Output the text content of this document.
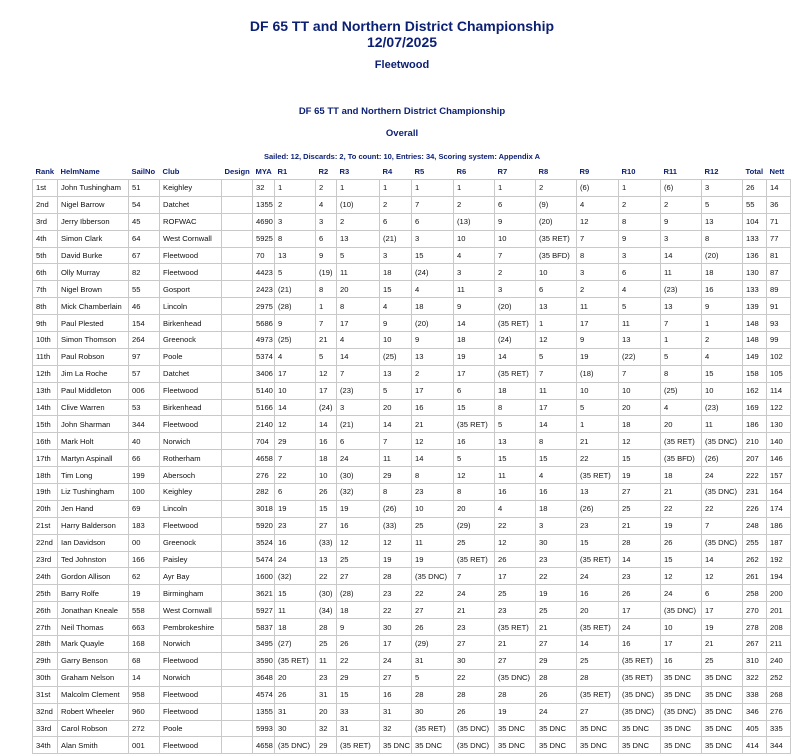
DF 65 TT and Northern District Championship
12/07/2025
Fleetwood
DF 65 TT and Northern District Championship
Overall
Sailed: 12, Discards: 2, To count: 10, Entries: 34, Scoring system: Appendix A
Rank	HelmName	SailNo	Club	Design	MYA	R1	R2	R3	R4	R5	R6	R7	R8	R9	R10	R11	R12	Total	Nett
1st	John Tushingham	51	Keighley		32	1	2	1	1	1	1	1	2	(6)	1	(6)	3	26	14
2nd	Nigel Barrow	54	Datchet		1355	2	4	(10)	2	7	2	6	(9)	4	2	2	5	55	36
3rd	Jerry Ibberson	45	ROFWAC		4690	3	3	2	6	6	(13)	9	(20)	12	8	9	13	104	71
4th	Simon Clark	64	West Cornwall		5925	8	6	13	(21)	3	10	10	(35 RET)	7	9	3	8	133	77
5th	David Burke	67	Fleetwood		70	13	9	5	3	15	4	7	(35 BFD)	8	3	14	(20)	136	81
6th	Olly Murray	82	Fleetwood		4423	5	(19)	11	18	(24)	3	2	10	3	6	11	18	130	87
7th	Nigel Brown	55	Gosport		2423	(21)	8	20	15	4	11	3	6	2	4	(23)	16	133	89
8th	Mick Chamberlain	46	Lincoln		2975	(28)	1	8	4	18	9	(20)	13	11	5	13	9	139	91
9th	Paul Plested	154	Birkenhead		5686	9	7	17	9	(20)	14	(35 RET)	1	17	11	7	1	148	93
10th	Simon Thomson	264	Greenock		4973	(25)	21	4	10	9	18	(24)	12	9	13	1	2	148	99
11th	Paul Robson	97	Poole		5374	4	5	14	(25)	13	19	14	5	19	(22)	5	4	149	102
12th	Jim La Roche	57	Datchet		3406	17	12	7	13	2	17	(35 RET)	7	(18)	7	8	15	158	105
13th	Paul Middleton	006	Fleetwood		5140	10	17	(23)	5	17	6	18	11	10	10	(25)	10	162	114
14th	Clive Warren	53	Birkenhead		5166	14	(24)	3	20	16	15	8	17	5	20	4	(23)	169	122
15th	John Sharman	344	Fleetwood		2140	12	14	(21)	14	21	(35 RET)	5	14	1	18	20	11	186	130
16th	Mark Holt	40	Norwich		704	29	16	6	7	12	16	13	8	21	12	(35 RET)	(35 DNC)	210	140
17th	Martyn Aspinall	66	Rotherham		4658	7	18	24	11	14	5	15	15	22	15	(35 BFD)	(26)	207	146
18th	Tim Long	199	Abersoch		276	22	10	(30)	29	8	12	11	4	(35 RET)	19	18	24	222	157
19th	Liz Tushingham	100	Keighley		282	6	26	(32)	8	23	8	16	16	13	27	21	(35 DNC)	231	164
20th	Jen Hand	69	Lincoln		3018	19	15	19	(26)	10	20	4	18	(26)	25	22	22	226	174
21st	Harry Balderson	183	Fleetwood		5920	23	27	16	(33)	25	(29)	22	3	23	21	19	7	248	186
22nd	Ian Davidson	00	Greenock		3524	16	(33)	12	12	11	25	12	30	15	28	26	(35 DNC)	255	187
23rd	Ted Johnston	166	Paisley		5474	24	13	25	19	19	(35 RET)	26	23	(35 RET)	14	15	14	262	192
24th	Gordon Allison	62	Ayr Bay		1600	(32)	22	27	28	(35 DNC)	7	17	22	24	23	12	12	261	194
25th	Barry Rolfe	19	Birmingham		3621	15	(30)	(28)	23	22	24	25	19	16	26	24	6	258	200
26th	Jonathan Kneale	558	West Cornwall		5927	11	(34)	18	22	27	21	23	25	20	17	(35 DNC)	17	270	201
27th	Neil Thomas	663	Pembrokeshire		5837	18	28	9	30	26	23	(35 RET)	21	(35 RET)	24	10	19	278	208
28th	Mark Quayle	168	Norwich		3495	(27)	25	26	17	(29)	27	21	27	14	16	17	21	267	211
29th	Garry Benson	68	Fleetwood		3590	(35 RET)	11	22	24	31	30	27	29	25	(35 RET)	16	25	310	240
30th	Graham Nelson	14	Norwich		3648	20	23	29	27	5	22	(35 DNC)	28	28	(35 RET)	35 DNC	35 DNC	322	252
31st	Malcolm Clement	958	Fleetwood		4574	26	31	15	16	28	28	28	26	(35 RET)	(35 DNC)	35 DNC	35 DNC	338	268
32nd	Robert Wheeler	960	Fleetwood		1355	31	20	33	31	30	26	19	24	27	(35 DNC)	(35 DNC)	35 DNC	346	276
33rd	Carol Robson	272	Poole		5993	30	32	31	32	(35 RET)	(35 DNC)	35 DNC	35 DNC	35 DNC	35 DNC	35 DNC	35 DNC	405	335
34th	Alan Smith	001	Fleetwood		4658	(35 DNC)	29	(35 RET)	35 DNC	35 DNC	(35 DNC)	35 DNC	35 DNC	35 DNC	35 DNC	35 DNC	35 DNC	414	344
